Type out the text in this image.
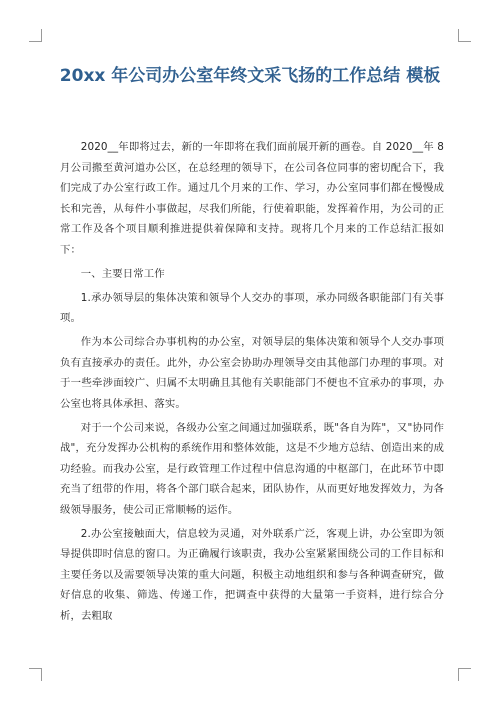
20xx 年公司办公室年终文采飞扬的工作总结 模板

2020__年即将过去，新的一年即将在我们面前展开新的画卷。自 2020__年 8 月公司搬至黄河道办公区，在总经理的领导下，在公司各位同事的密切配合下，我们完成了办公室行政工作。通过几个月来的工作、学习，办公室同事们都在慢慢成长和完善，从每件小事做起，尽我们所能，行使着职能，发挥着作用，为公司的正常工作及各个项目顺利推进提供着保障和支持。现将几个月来的工作总结汇报如下：

一、主要日常工作

1.承办领导层的集体决策和领导个人交办的事项，承办同级各职能部门有关事项。

作为本公司综合办事机构的办公室，对领导层的集体决策和领导个人交办事项负有直接承办的责任。此外，办公室会协助办理领导交由其他部门办理的事项。对于一些牵涉面较广、归属不太明确且其他有关职能部门不便也不宜承办的事项，办公室也将具体承担、落实。

对于一个公司来说，各级办公室之间通过加强联系，既"各自为阵"，又"协同作战"，充分发挥办公机构的系统作用和整体效能，这是不少地方总结、创造出来的成功经验。而我办公室，是行政管理工作过程中信息沟通的中枢部门，在此环节中即充当了纽带的作用，将各个部门联合起来，团队协作，从而更好地发挥效力，为各级领导服务，使公司正常顺畅的运作。

2.办公室接触面大，信息较为灵通，对外联系广泛，客观上讲，办公室即为领导提供即时信息的窗口。为正确履行该职责，我办公室紧紧围绕公司的工作目标和主要任务以及需要领导决策的重大问题，积极主动地组织和参与各种调查研究，做好信息的收集、筛选、传递工作，把调查中获得的大量第一手资料，进行综合分析，去粗取
